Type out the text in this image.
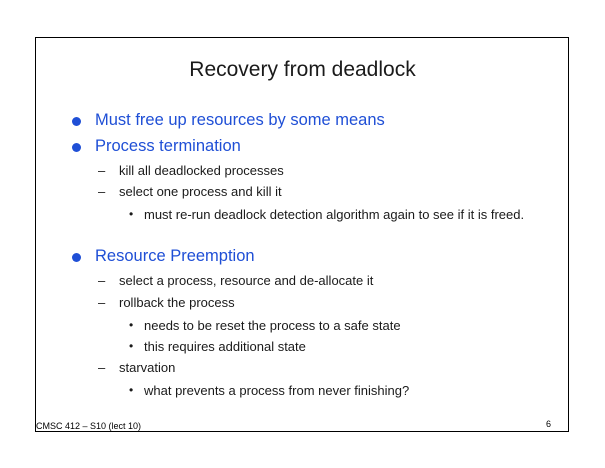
Recovery from deadlock
Must free up resources by some means
Process termination
– kill all deadlocked processes
– select one process and kill it
• must re-run deadlock detection algorithm again to see if it is freed.
Resource Preemption
– select a process, resource and de-allocate it
– rollback the process
• needs to be reset the process to a safe state
• this requires additional state
– starvation
• what prevents a process from never finishing?
CMSC 412 – S10 (lect 10)	6
